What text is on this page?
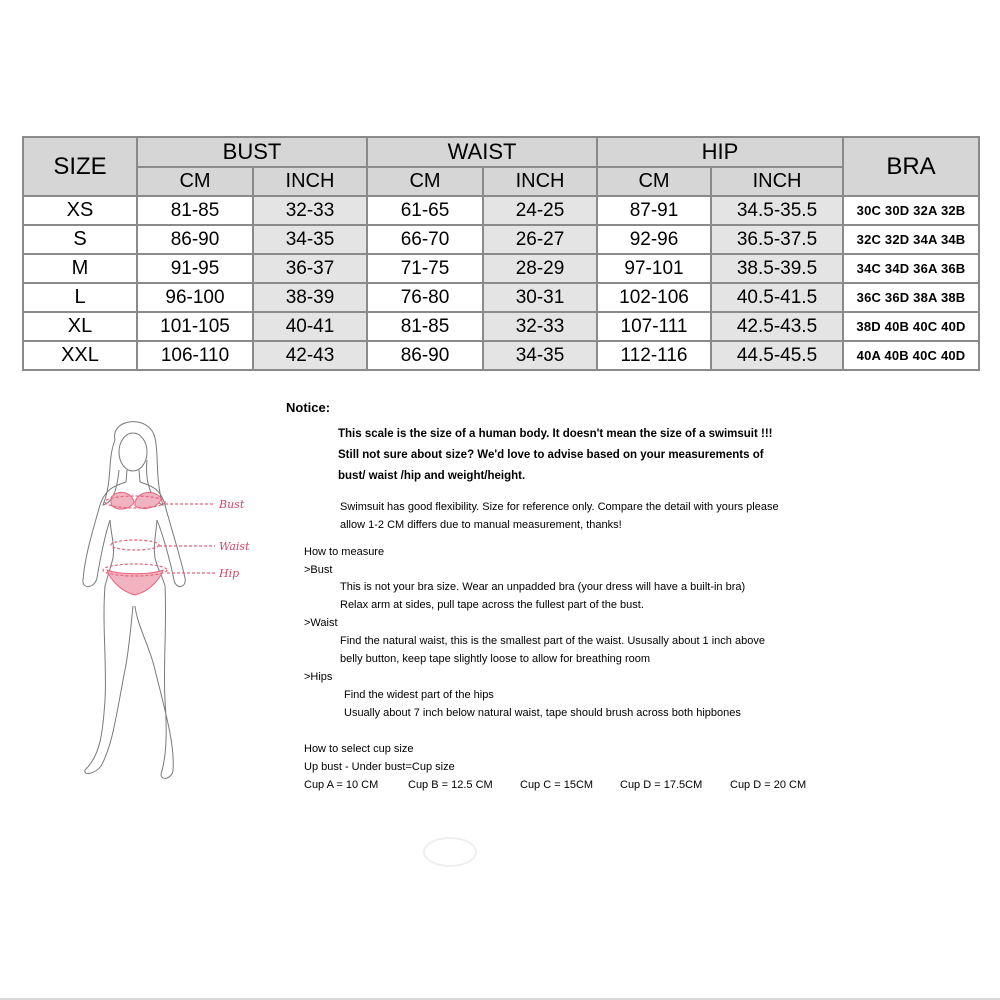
SIZE	BUST		WAIST		HIP		BRA
	CM	INCH	CM	INCH	CM	INCH	
XS	81-85	32-33	61-65	24-25	87-91	34.5-35.5	30C 30D 32A 32B
S	86-90	34-35	66-70	26-27	92-96	36.5-37.5	32C 32D 34A 34B
M	91-95	36-37	71-75	28-29	97-101	38.5-39.5	34C 34D 36A 36B
L	96-100	38-39	76-80	30-31	102-106	40.5-41.5	36C 36D 38A 38B
XL	101-105	40-41	81-85	32-33	107-111	42.5-43.5	38D 40B 40C 40D
XXL	106-110	42-43	86-90	34-35	112-116	44.5-45.5	40A 40B 40C 40D
Bust
Waist
Hip
Notice:
This scale is the size of a human body. It doesn't mean the size of a swimsuit !!!
Still not sure about size? We'd love to advise based on your measurements of
bust/ waist /hip and weight/height.
Swimsuit has good flexibility. Size for reference only. Compare the detail with yours please
allow 1-2 CM differs due to manual measurement, thanks!
How to measure
>Bust
This is not your bra size. Wear an unpadded bra (your dress will have a built-in bra)
Relax arm at sides, pull tape across the fullest part of the bust.
>Waist
Find the natural waist, this is the smallest part of the waist. Ususally about 1 inch above
belly button, keep tape slightly loose to allow for breathing room
>Hips
Find the widest part of the hips
Usually about 7 inch below natural waist, tape should brush across both hipbones
How to select cup size
Up bust - Under bust=Cup size
Cup A = 10 CM	Cup B = 12.5 CM Cup C = 15CM Cup D = 17.5CM	Cup D = 20 CM
